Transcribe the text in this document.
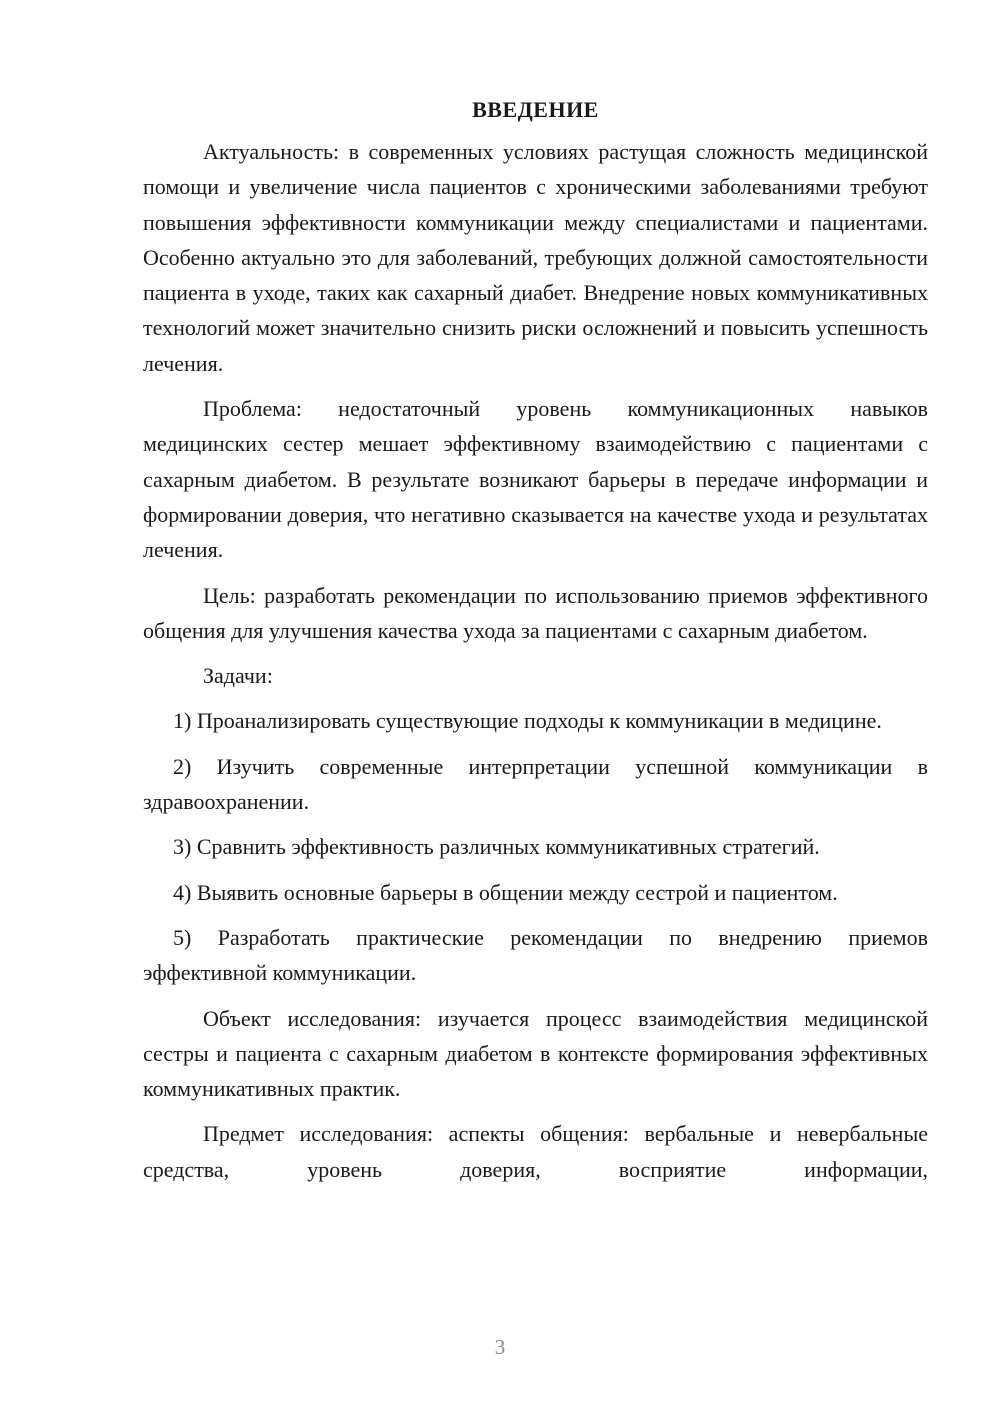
ВВЕДЕНИЕ

Актуальность: в современных условиях растущая сложность медицинской помощи и увеличение числа пациентов с хроническими заболеваниями требуют повышения эффективности коммуникации между специалистами и пациентами. Особенно актуально это для заболеваний, требующих должной самостоятельности пациента в уходе, таких как сахарный диабет. Внедрение новых коммуникативных технологий может значительно снизить риски осложнений и повысить успешность лечения.

Проблема: недостаточный уровень коммуникационных навыков медицинских сестер мешает эффективному взаимодействию с пациентами с сахарным диабетом. В результате возникают барьеры в передаче информации и формировании доверия, что негативно сказывается на качестве ухода и результатах лечения.

Цель: разработать рекомендации по использованию приемов эффективного общения для улучшения качества ухода за пациентами с сахарным диабетом.

Задачи:

1) Проанализировать существующие подходы к коммуникации в медицине.

2) Изучить современные интерпретации успешной коммуникации в здравоохранении.

3) Сравнить эффективность различных коммуникативных стратегий.

4) Выявить основные барьеры в общении между сестрой и пациентом.

5) Разработать практические рекомендации по внедрению приемов эффективной коммуникации.

Объект исследования: изучается процесс взаимодействия медицинской сестры и пациента с сахарным диабетом в контексте формирования эффективных коммуникативных практик.

Предмет исследования: аспекты общения: вербальные и невербальные средства, уровень доверия, восприятие информации,

3
